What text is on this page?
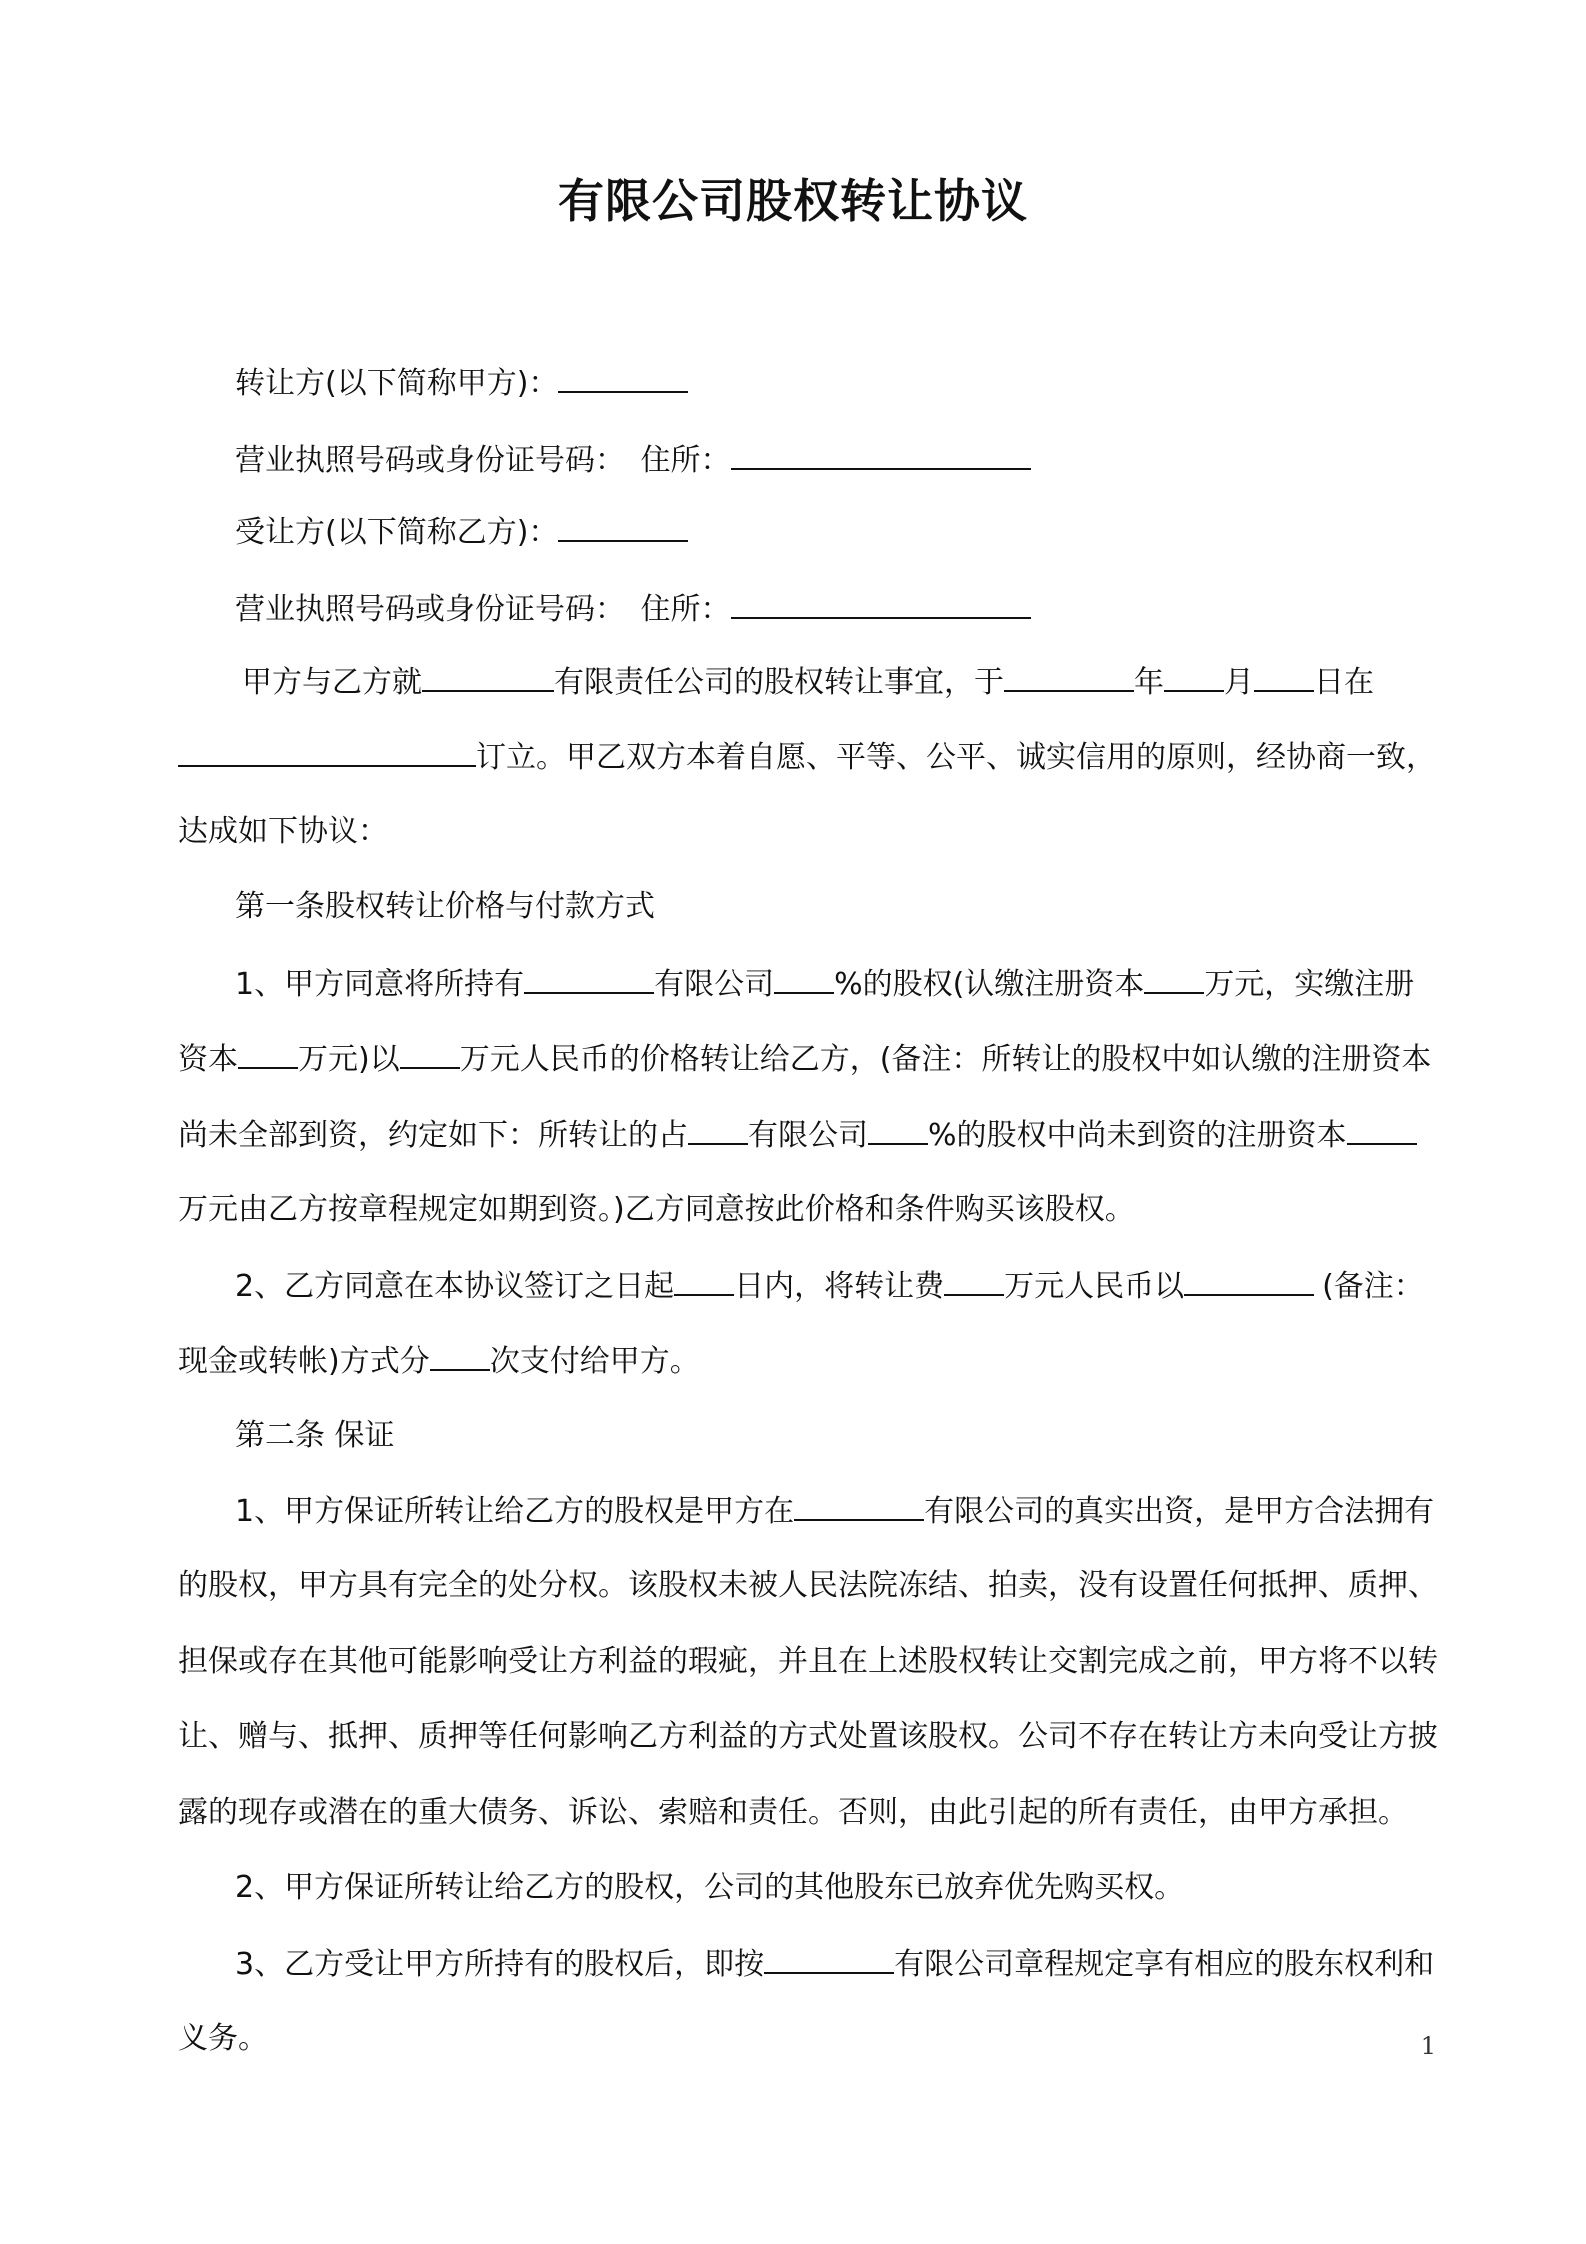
有限公司股权转让协议
转让方(以下简称甲方)：
营业执照号码或身份证号码： 住所：
受让方(以下简称乙方)：
营业执照号码或身份证号码： 住所：
甲方与乙方就	有限责任公司的股权转让事宜，于	年 月 日在
订立。甲乙双方本着自愿、平等、公平、诚实信用的原则，经协商一致，
达成如下协议：
第一条股权转让价格与付款方式
1、甲方同意将所持有	有限公司 %的股权(认缴注册资本 万元，实缴注册
资本 万元)以 万元人民币的价格转让给乙方，(备注：所转让的股权中如认缴的注册资本
尚未全部到资，约定如下：所转让的占 有限公司 %的股权中尚未到资的注册资本
万元由乙方按章程规定如期到资。)乙方同意按此价格和条件购买该股权。
2、乙方同意在本协议签订之日起 日内，将转让费 万元人民币以	(备注：
现金或转帐)方式分 次支付给甲方。
第二条 保证
1、甲方保证所转让给乙方的股权是甲方在	有限公司的真实出资，是甲方合法拥有
的股权，甲方具有完全的处分权。该股权未被人民法院冻结、拍卖，没有设置任何抵押、质押、
担保或存在其他可能影响受让方利益的瑕疵，并且在上述股权转让交割完成之前，甲方将不以转
让、赠与、抵押、质押等任何影响乙方利益的方式处置该股权。公司不存在转让方未向受让方披
露的现存或潜在的重大债务、诉讼、索赔和责任。否则，由此引起的所有责任，由甲方承担。
2、甲方保证所转让给乙方的股权，公司的其他股东已放弃优先购买权。
3、乙方受让甲方所持有的股权后，即按	有限公司章程规定享有相应的股东权利和
义务。	1
